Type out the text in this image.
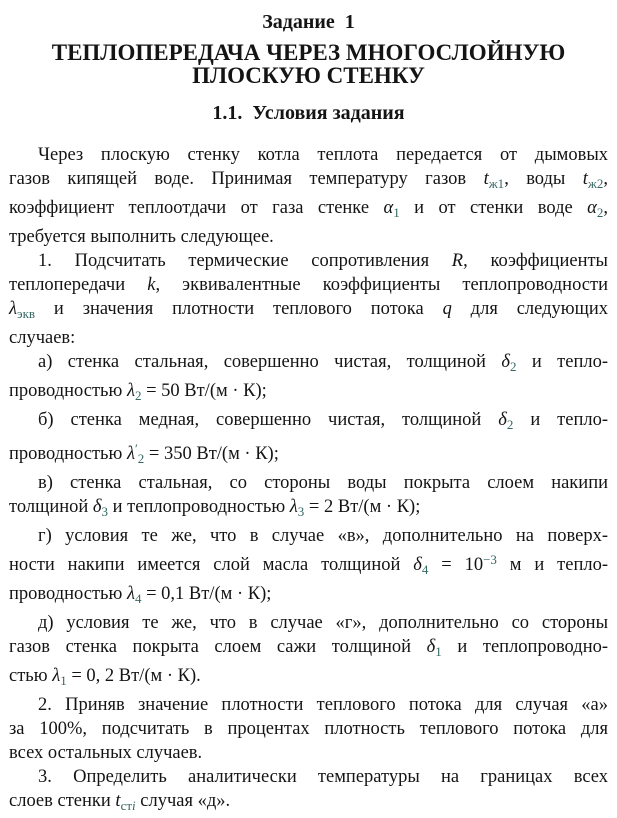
Задание  1
ТЕПЛОПЕРЕДАЧА ЧЕРЕЗ МНОГОСЛОЙНУЮ
ПЛОСКУЮ СТЕНКУ
1.1.  Условия задания
Через плоскую стенку котла теплота передается от дымовых
газов кипящей воде. Принимая температуру газов $t_{ж1}$, воды $t_{ж2}$,
коэффициент теплоотдачи от газа стенке $\alpha_1$ и от стенки воде $\alpha_2$,
требуется выполнить следующее.
1. Подсчитать термические сопротивления R, коэффициенты
теплопередачи k, эквивалентные коэффициенты теплопроводности
$\lambda_{экв}$ и значения плотности теплового потока q для следующих
случаев:
а) стенка стальная, совершенно чистая, толщиной $\delta_2$ и тепло-
проводностью $\lambda_2 = 50$ Вт/(м · К);
б) стенка медная, совершенно чистая, толщиной $\delta_2$ и тепло-
проводностью $\lambda'_2 = 350$ Вт/(м · К);
в) стенка стальная, со стороны воды покрыта слоем накипи
толщиной $\delta_3$ и теплопроводностью $\lambda_3 = 2$ Вт/(м · К);
г) условия те же, что в случае «в», дополнительно на поверх-
ности накипи имеется слой масла толщиной $\delta_4 = 10^{-3}$ м и тепло-
проводностью $\lambda_4 = 0,1$ Вт/(м · К);
д) условия те же, что в случае «г», дополнительно со стороны
газов стенка покрыта слоем сажи толщиной $\delta_1$ и теплопроводно-
стью $\lambda_1 = 0$, 2 Вт/(м · К).
2. Приняв значение плотности теплового потока для случая «а»
за 100%, подсчитать в процентах плотность теплового потока для
всех остальных случаев.
3. Определить аналитически температуры на границах всех
слоев стенки $t_{стi}$ случая «д».
